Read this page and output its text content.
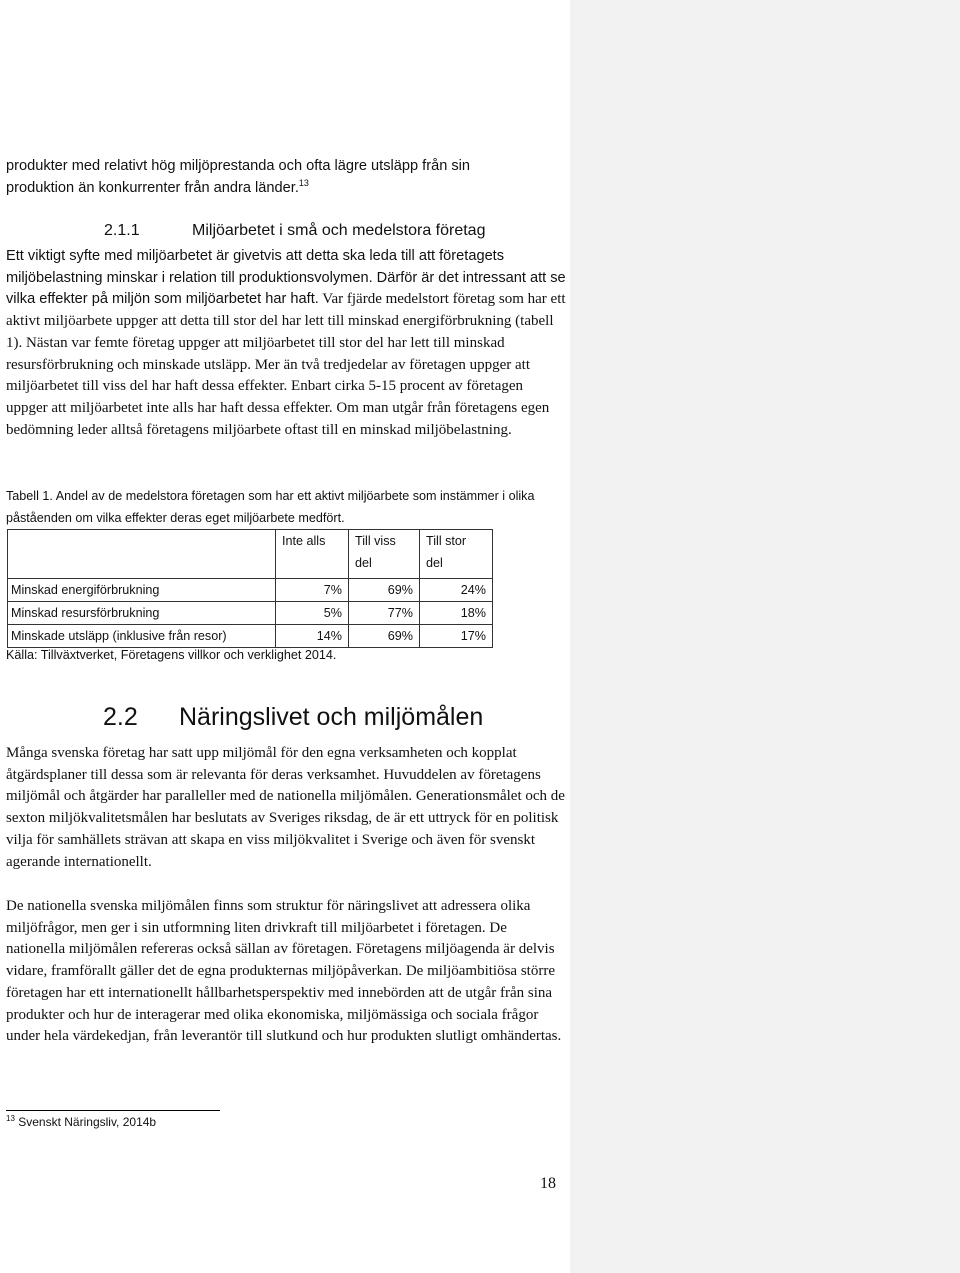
produkter med relativt hög miljöprestanda och ofta lägre utsläpp från sin
produktion än konkurrenter från andra länder.$^{13}$

2.1.1	Miljöarbetet i små och medelstora företag

Ett viktigt syfte med miljöarbetet är givetvis att detta ska leda till att företagets miljöbelastning minskar i relation till produktionsvolymen. Därför är det intressant att se vilka effekter på miljön som miljöarbetet har haft. Var fjärde medelstort företag som har ett aktivt miljöarbete uppger att detta till stor del har lett till minskad energiförbrukning (tabell 1). Nästan var femte företag uppger att miljöarbetet till stor del har lett till minskad resursförbrukning och minskade utsläpp. Mer än två tredjedelar av företagen uppger att miljöarbetet till viss del har haft dessa effekter. Enbart cirka 5-15 procent av företagen uppger att miljöarbetet inte alls har haft dessa effekter. Om man utgår från företagens egen bedömning leder alltså företagens miljöarbete oftast till en minskad miljöbelastning.

Tabell 1. Andel av de medelstora företagen som har ett aktivt miljöarbete som instämmer i olika påståenden om vilka effekter deras eget miljöarbete medfört.

	Inte alls	Till viss del	Till stor del
Minskad energiförbrukning	7%	69%	24%
Minskad resursförbrukning	5%	77%	18%
Minskade utsläpp (inklusive från resor)	14%	69%	17%

Källa: Tillväxtverket, Företagens villkor och verklighet 2014.

2.2 Näringslivet och miljömålen

Många svenska företag har satt upp miljömål för den egna verksamheten och kopplat åtgärdsplaner till dessa som är relevanta för deras verksamhet. Huvuddelen av företagens miljömål och åtgärder har paralleller med de nationella miljömålen. Generationsmålet och de sexton miljökvalitetsmålen har beslutats av Sveriges riksdag, de är ett uttryck för en politisk vilja för samhällets strävan att skapa en viss miljökvalitet i Sverige och även för svenskt agerande internationellt.

De nationella svenska miljömålen finns som struktur för näringslivet att adressera olika miljöfrågor, men ger i sin utformning liten drivkraft till miljöarbetet i företagen. De nationella miljömålen refereras också sällan av företagen. Företagens miljöagenda är delvis vidare, framförallt gäller det de egna produkternas miljöpåverkan. De miljöambitiösa större företagen har ett internationellt hållbarhetsperspektiv med innebörden att de utgår från sina produkter och hur de interagerar med olika ekonomiska, miljömässiga och sociala frågor under hela värdekedjan, från leverantör till slutkund och hur produkten slutligt omhändertas.

$^{13}$ Svenskt Näringsliv, 2014b

18
